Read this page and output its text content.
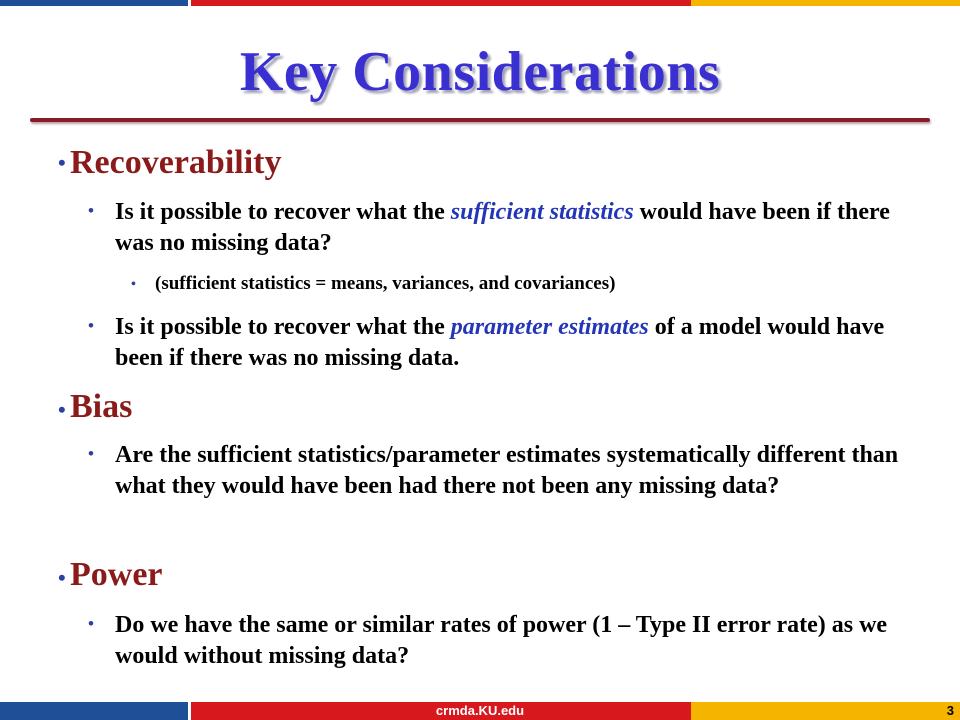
Key Considerations
• Recoverability
• Is it possible to recover what the sufficient statistics would have been if there was no missing data?
• (sufficient statistics = means, variances, and covariances)
• Is it possible to recover what the parameter estimates of a model would have been if there was no missing data.
• Bias
• Are the sufficient statistics/parameter estimates systematically different than what they would have been had there not been any missing data?
• Power
• Do we have the same or similar rates of power (1 – Type II error rate) as we would without missing data?
crmda.KU.edu	3
